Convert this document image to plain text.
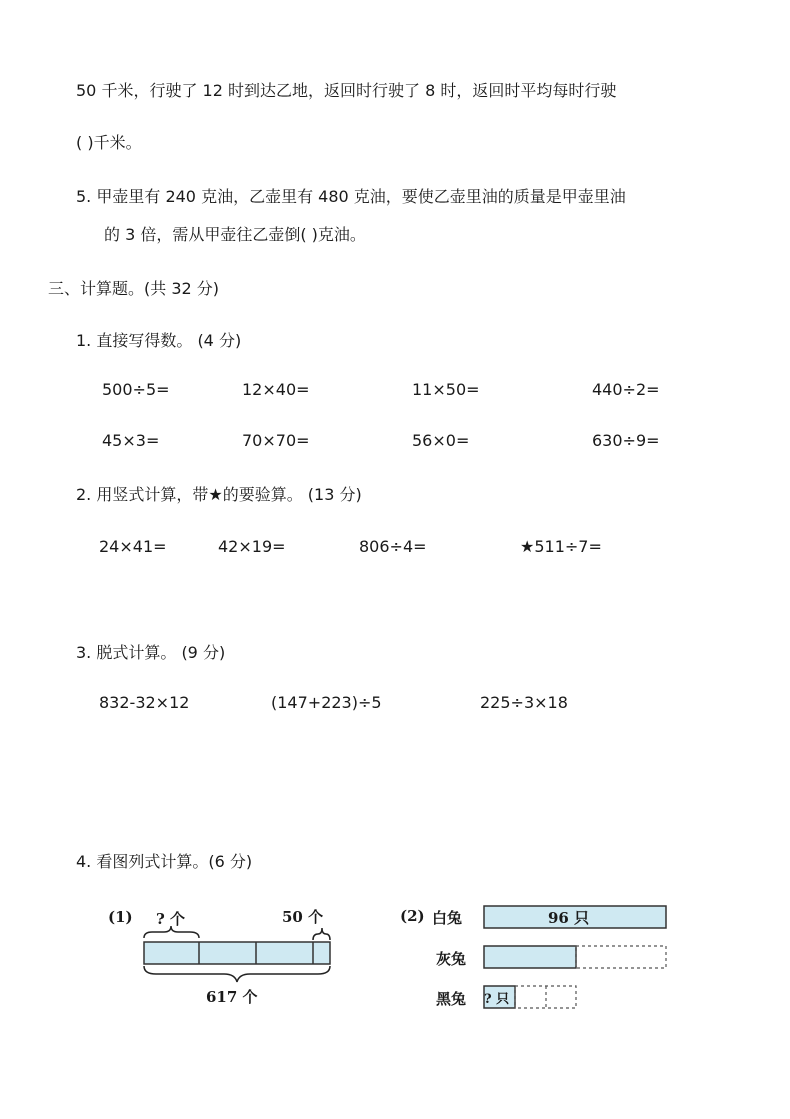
50 千米，行驶了 12 时到达乙地，返回时行驶了 8 时，返回时平均每时行驶
( )千米。
5. 甲壶里有 240 克油，乙壶里有 480 克油，要使乙壶里油的质量是甲壶里油
的 3 倍，需从甲壶往乙壶倒( )克油。
三、计算题。(共 32 分)
1. 直接写得数。 (4 分)
500÷5=	12×40=	11×50=	440÷2=
45×3=	70×70=	56×0=	630÷9=
2. 用竖式计算，带★的要验算。 (13 分)
24×41=	42×19=	806÷4=	★511÷7=
3. 脱式计算。 (9 分)
832-32×12	(147+223)÷5	225÷3×18
4. 看图列式计算。(6 分)
(1) ? 个	50 个
617 个
(2) 白兔	96 只
灰兔
黑兔 ? 只
